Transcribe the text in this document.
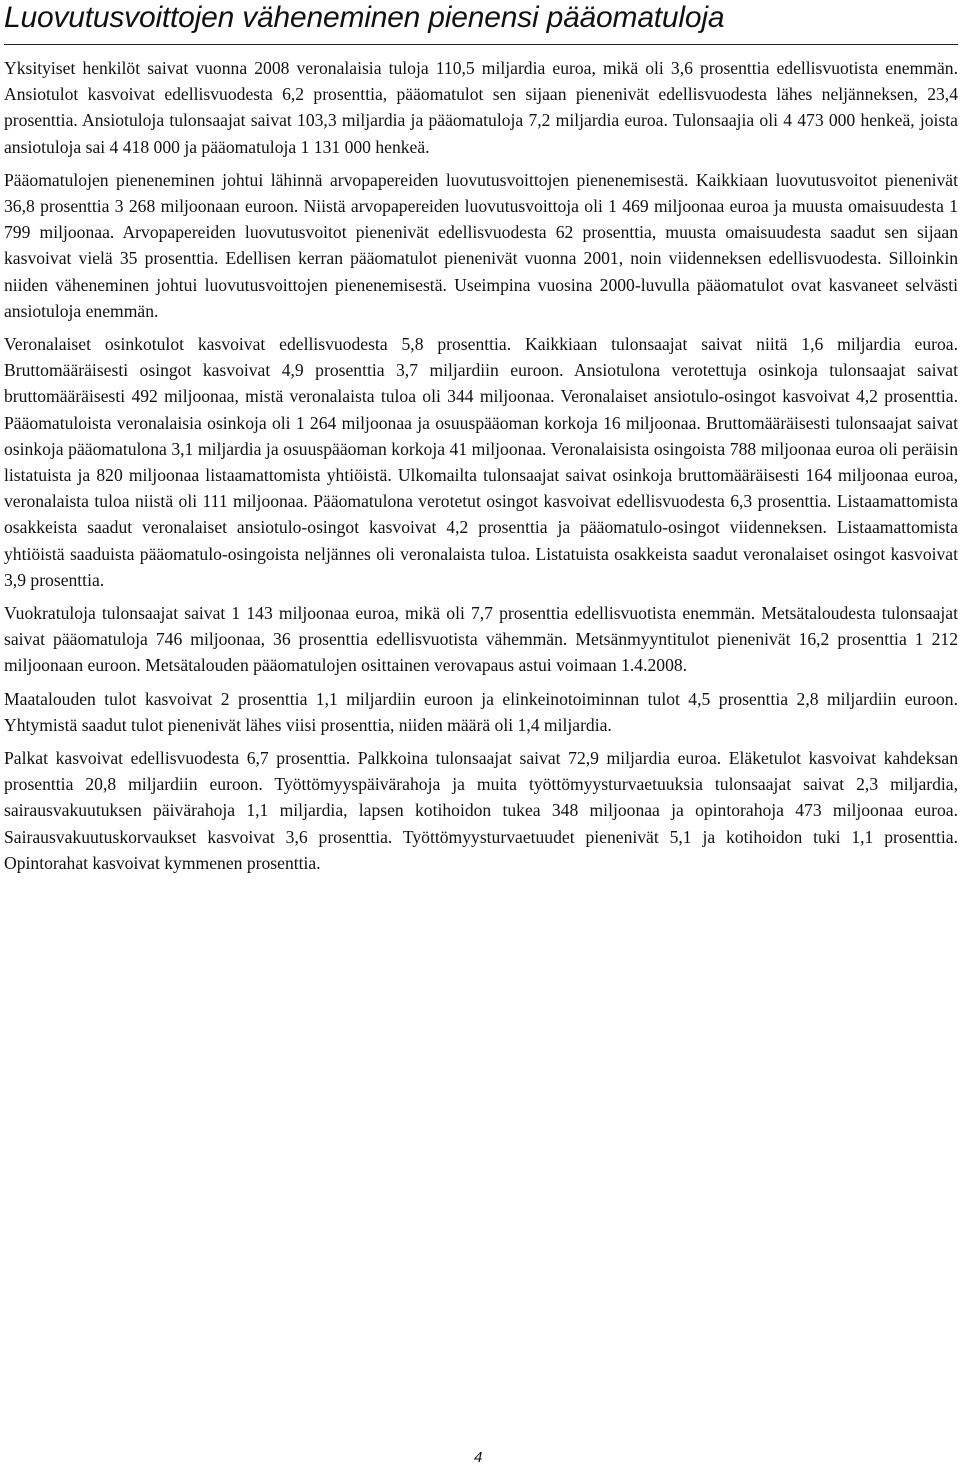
Luovutusvoittojen väheneminen pienensi pääomatuloja

Yksityiset henkilöt saivat vuonna 2008 veronalaisia tuloja 110,5 miljardia euroa, mikä oli 3,6 prosenttia edellisvuotista enemmän. Ansiotulot kasvoivat edellisvuodesta 6,2 prosenttia, pääomatulot sen sijaan pienenivät edellisvuodesta lähes neljänneksen, 23,4 prosenttia. Ansiotuloja tulonsaajat saivat 103,3 miljardia ja pääomatuloja 7,2 miljardia euroa. Tulonsaajia oli 4 473 000 henkeä, joista ansiotuloja sai 4 418 000 ja pääomatuloja 1 131 000 henkeä.

Pääomatulojen pieneneminen johtui lähinnä arvopapereiden luovutusvoittojen pienenemisestä. Kaikkiaan luovutusvoitot pienenivät 36,8 prosenttia 3 268 miljoonaan euroon. Niistä arvopapereiden luovutusvoittoja oli 1 469 miljoonaa euroa ja muusta omaisuudesta 1 799 miljoonaa. Arvopapereiden luovutusvoitot pienenivät edellisvuodesta 62 prosenttia, muusta omaisuudesta saadut sen sijaan kasvoivat vielä 35 prosenttia. Edellisen kerran pääomatulot pienenivät vuonna 2001, noin viidenneksen edellisvuodesta. Silloinkin niiden väheneminen johtui luovutusvoittojen pienenemisestä. Useimpina vuosina 2000-luvulla pääomatulot ovat kasvaneet selvästi ansiotuloja enemmän.

Veronalaiset osinkotulot kasvoivat edellisvuodesta 5,8 prosenttia. Kaikkiaan tulonsaajat saivat niitä 1,6 miljardia euroa. Bruttomääräisesti osingot kasvoivat 4,9 prosenttia 3,7 miljardiin euroon. Ansiotulona verotettuja osinkoja tulonsaajat saivat bruttomääräisesti 492 miljoonaa, mistä veronalaista tuloa oli 344 miljoonaa. Veronalaiset ansiotulo-osingot kasvoivat 4,2 prosenttia. Pääomatuloista veronalaisia osinkoja oli 1 264 miljoonaa ja osuuspääoman korkoja 16 miljoonaa. Bruttomääräisesti tulonsaajat saivat osinkoja pääomatulona 3,1 miljardia ja osuuspääoman korkoja 41 miljoonaa. Veronalaisista osingoista 788 miljoonaa euroa oli peräisin listatuista ja 820 miljoonaa listaamattomista yhtiöistä. Ulkomailta tulonsaajat saivat osinkoja bruttomääräisesti 164 miljoonaa euroa, veronalaista tuloa niistä oli 111 miljoonaa. Pääomatulona verotetut osingot kasvoivat edellisvuodesta 6,3 prosenttia. Listaamattomista osakkeista saadut veronalaiset ansiotulo-osingot kasvoivat 4,2 prosenttia ja pääomatulo-osingot viidenneksen. Listaamattomista yhtiöistä saaduista pääomatulo-osingoista neljännes oli veronalaista tuloa. Listatuista osakkeista saadut veronalaiset osingot kasvoivat 3,9 prosenttia.

Vuokratuloja tulonsaajat saivat 1 143 miljoonaa euroa, mikä oli 7,7 prosenttia edellisvuotista enemmän. Metsätaloudesta tulonsaajat saivat pääomatuloja 746 miljoonaa, 36 prosenttia edellisvuotista vähemmän. Metsänmyyntitulot pienenivät 16,2 prosenttia 1 212 miljoonaan euroon. Metsätalouden pääomatulojen osittainen verovapaus astui voimaan 1.4.2008.

Maatalouden tulot kasvoivat 2 prosenttia 1,1 miljardiin euroon ja elinkeinotoiminnan tulot 4,5 prosenttia 2,8 miljardiin euroon. Yhtymistä saadut tulot pienenivät lähes viisi prosenttia, niiden määrä oli 1,4 miljardia.

Palkat kasvoivat edellisvuodesta 6,7 prosenttia. Palkkoina tulonsaajat saivat 72,9 miljardia euroa. Eläketulot kasvoivat kahdeksan prosenttia 20,8 miljardiin euroon. Työttömyyspäivärahoja ja muita työttömyysturvaetuuksia tulonsaajat saivat 2,3 miljardia, sairausvakuutuksen päivärahoja 1,1 miljardia, lapsen kotihoidon tukea 348 miljoonaa ja opintorahoja 473 miljoonaa euroa. Sairausvakuutuskorvaukset kasvoivat 3,6 prosenttia. Työttömyysturvaetuudet pienenivät 5,1 ja kotihoidon tuki 1,1 prosenttia. Opintorahat kasvoivat kymmenen prosenttia.

4
